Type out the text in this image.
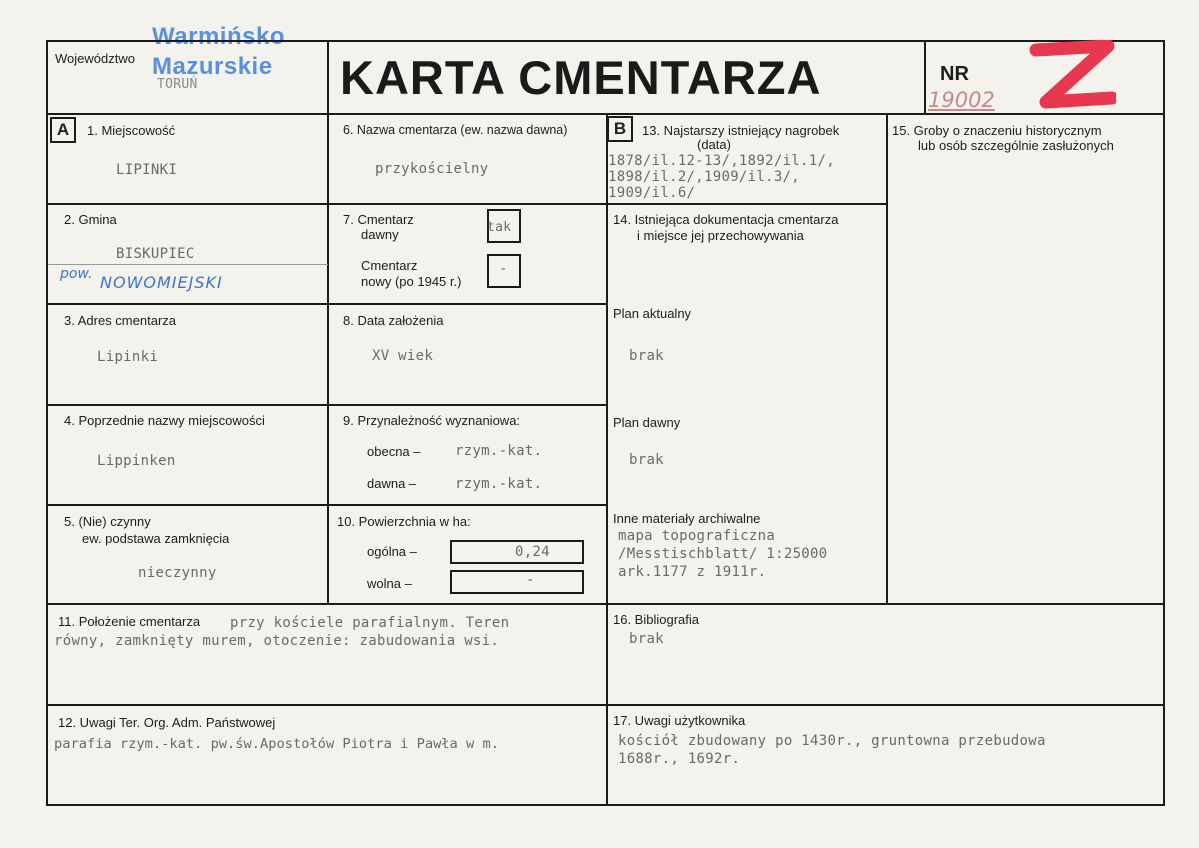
Warmińsko
Województwo Mazurskie
TORUŃ	KARTA CMENTARZA	NR
19002
A	B
1. Miejscowość
LIPINKI
2. Gmina
BISKUPIEC
pow. NOWOMIEJSKI
3. Adres cmentarza
Lipinki
4. Poprzednie nazwy miejscowości
Lippinken
5. (Nie) czynny
ew. podstawa zamknięcia
nieczynny
6. Nazwa cmentarza (ew. nazwa dawna)
przykościelny
7. Cmentarz
dawny	tak
Cmentarz
nowy (po 1945 r.)
-
8. Data założenia
XV wiek
9. Przynależność wyznaniowa:
obecna – rzym.-kat.
dawna –	rzym.-kat.
10. Powierzchnia w ha:
ogólna –	0,24
wolna –	-
13. Najstarszy istniejący nagrobek
(data)
1878/il.12-13/,1892/il.1/,
1898/il.2/,1909/il.3/,
1909/il.6/
14. Istniejąca dokumentacja cmentarza
i miejsce jej przechowywania
Plan aktualny
brak
Plan dawny
brak
Inne materiały archiwalne
mapa topograficzna
/Messtischblatt/ 1:25000
ark.1177 z 1911r.
15. Groby o znaczeniu historycznym
lub osób szczególnie zasłużonych
11. Położenie cmentarza przy kościele parafialnym. Teren
równy, zamknięty murem, otoczenie: zabudowania wsi.
16. Bibliografia
brak
12. Uwagi Ter. Org. Adm. Państwowej
parafia rzym.-kat. pw.św.Apostołów Piotra i Pawła w m.
17. Uwagi użytkownika
kościół zbudowany po 1430r., gruntowna przebudowa
1688r., 1692r.
